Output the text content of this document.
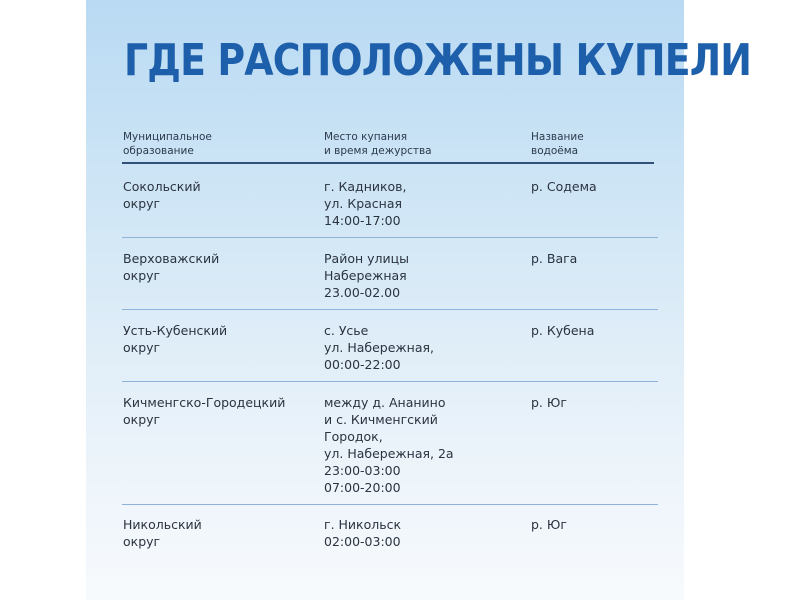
ГДЕ РАСПОЛОЖЕНЫ КУПЕЛИ
Муниципальное
образование
Место купания
и время дежурства
Название
водоёма
Сокольский
округ
г. Кадников,
ул. Красная
14:00-17:00
р. Содема
Верховажский
округ
Район улицы
Набережная
23.00-02.00
р. Вага
Усть-Кубенский
округ
с. Усье
ул. Набережная,
00:00-22:00
р. Кубена
Кичменгско-Городецкий
округ
между д. Ананино
и с. Кичменгский
Городок,
ул. Набережная, 2а
23:00-03:00
07:00-20:00
р. Юг
Никольский
округ
г. Никольск
02:00-03:00
р. Юг
